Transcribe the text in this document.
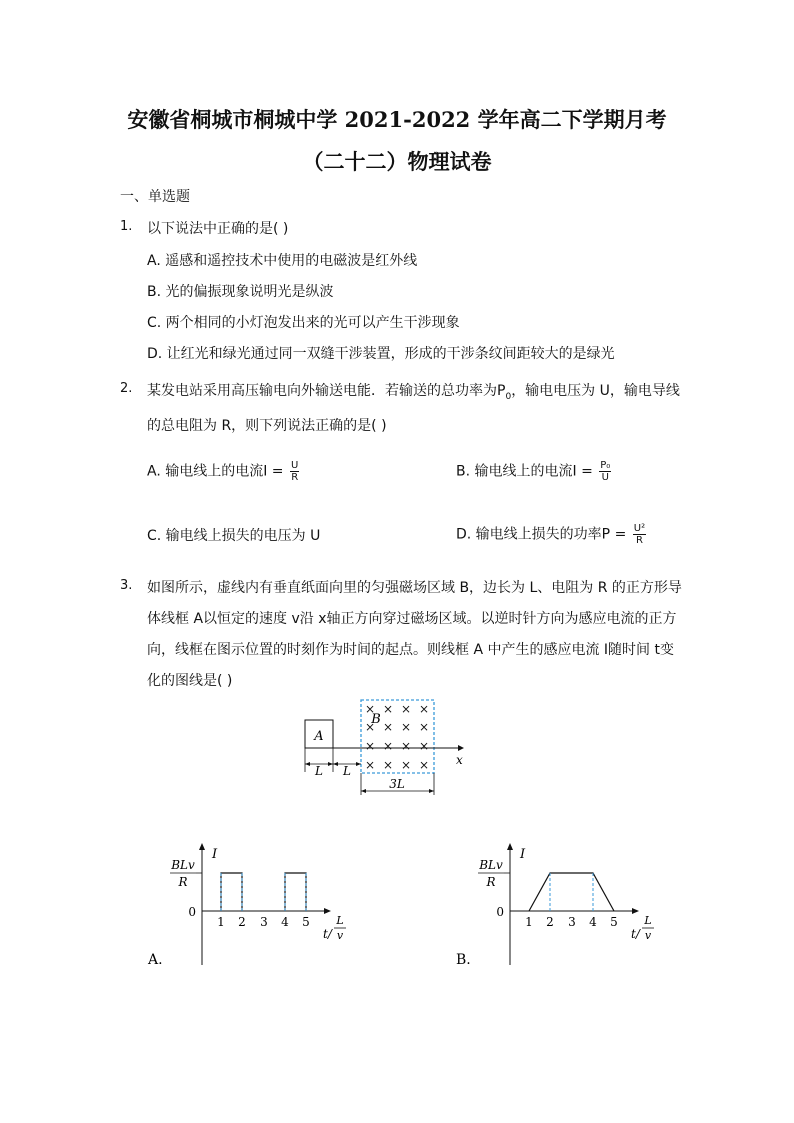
安徽省桐城市桐城中学 2021-2022 学年高二下学期月考
（二十二）物理试卷
一、单选题
1. 以下说法中正确的是( )
A. 遥感和遥控技术中使用的电磁波是红外线
B. 光的偏振现象说明光是纵波
C. 两个相同的小灯泡发出来的光可以产生干涉现象
D. 让红光和绿光通过同一双缝干涉装置，形成的干涉条纹间距较大的是绿光
2. 某发电站采用高压输电向外输送电能．若输送的总功率为$P_0$，输电电压为 U，输电导线
的总电阻为 R，则下列说法正确的是( )
A. 输电线上的电流$I = \frac{U}{R}$	B. 输电线上的电流$I = \frac{\text{P₀}}{U}$
C. 输电线上损失的电压为 U	D. 输电线上损失的功率$P = \frac{\text{U²}}{R}$
3. 如图所示，虚线内有垂直纸面向里的匀强磁场区域 B，边长为 L、电阻为 R 的正方形导
体线框 A以恒定的速度 v沿 x轴正方向穿过磁场区域。以逆时针方向为感应电流的正方
向，线框在图示位置的时刻作为时间的起点。则线框 A 中产生的感应电流 I随时间 t变
化的图线是( )
A
B
× × × ×
× × × ×
× × × ×
× × × × x
L L
3L
I
BLv
R
0
1 2 3 4 5
t/
L
v
A.
I
BLv
R
0
1 2 3 4 5
t/
L
v
B.
